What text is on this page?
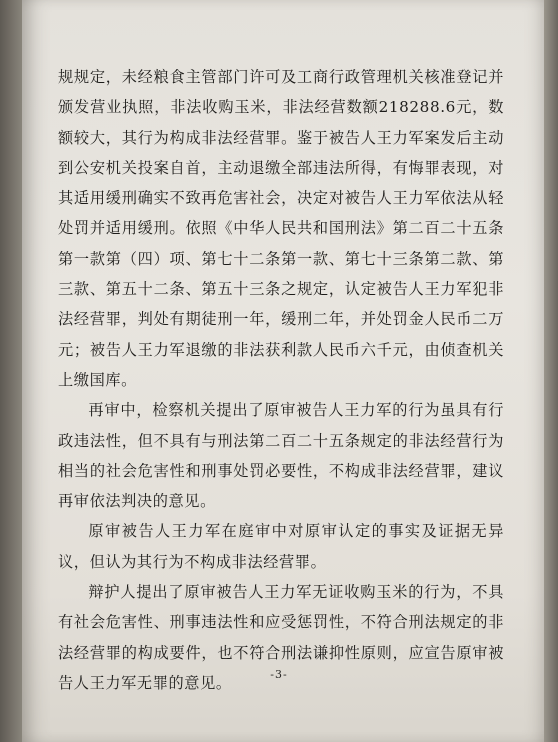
规规定，未经粮食主管部门许可及工商行政管理机关核准登记并颁发营业执照，非法收购玉米，非法经营数额218288.6元，数额较大，其行为构成非法经营罪。鉴于被告人王力军案发后主动到公安机关投案自首，主动退缴全部违法所得，有悔罪表现，对其适用缓刑确实不致再危害社会，决定对被告人王力军依法从轻处罚并适用缓刑。依照《中华人民共和国刑法》第二百二十五条第一款第（四）项、第七十二条第一款、第七十三条第二款、第三款、第五十二条、第五十三条之规定，认定被告人王力军犯非法经营罪，判处有期徒刑一年，缓刑二年，并处罚金人民币二万元；被告人王力军退缴的非法获利款人民币六千元，由侦查机关上缴国库。

再审中，检察机关提出了原审被告人王力军的行为虽具有行政违法性，但不具有与刑法第二百二十五条规定的非法经营行为相当的社会危害性和刑事处罚必要性，不构成非法经营罪，建议再审依法判决的意见。

原审被告人王力军在庭审中对原审认定的事实及证据无异议，但认为其行为不构成非法经营罪。

辩护人提出了原审被告人王力军无证收购玉米的行为，不具有社会危害性、刑事违法性和应受惩罚性，不符合刑法规定的非法经营罪的构成要件，也不符合刑法谦抑性原则，应宣告原审被告人王力军无罪的意见。	-3-
